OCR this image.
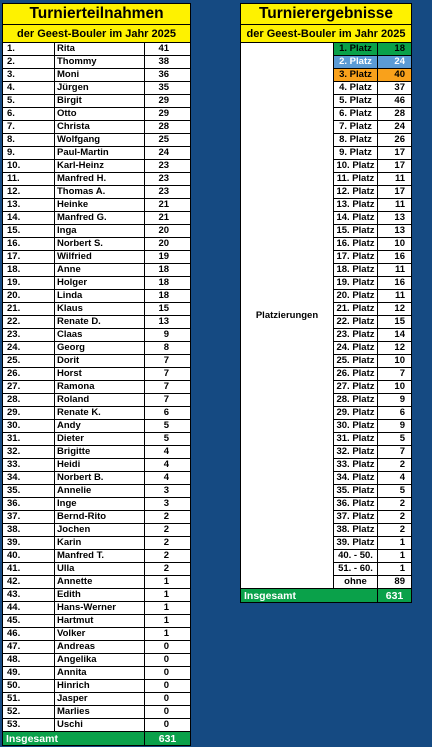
Turnierteilnahmen		
der Geest-Bouler im Jahr 2025		
1.	Rita	41
2.	Thommy	38
3.	Moni	36
4.	Jürgen	35
5.	Birgit	29
6.	Otto	29
7.	Christa	28
8.	Wolfgang	25
9.	Paul-Martin	24
10.	Karl-Heinz	23
11.	Manfred H.	23
12.	Thomas A.	23
13.	Heinke	21
14.	Manfred G.	21
15.	Inga	20
16.	Norbert S.	20
17.	Wilfried	19
18.	Anne	18
19.	Holger	18
20.	Linda	18
21.	Klaus	15
22.	Renate D.	13
23.	Claas	9
24.	Georg	8
25.	Dorit	7
26.	Horst	7
27.	Ramona	7
28.	Roland	7
29.	Renate K.	6
30.	Andy	5
31.	Dieter	5
32.	Brigitte	4
33.	Heidi	4
34.	Norbert B.	4
35.	Annelie	3
36.	Inge	3
37.	Bernd-Rito	2
38.	Jochen	2
39.	Karin	2
40.	Manfred T.	2
41.	Ulla	2
42.	Annette	1
43.	Edith	1
44.	Hans-Werner	1
45.	Hartmut	1
46.	Volker	1
47.	Andreas	0
48.	Angelika	0
49.	Annita	0
50.	Hinrich	0
51.	Jasper	0
52.	Marlies	0
53.	Uschi	0
Insgesamt		631
Turnierergebnisse		
der Geest-Bouler im Jahr 2025		
Platzierungen	1. Platz	18
	2. Platz	24
	3. Platz	40
	4. Platz	37
	5. Platz	46
	6. Platz	28
	7. Platz	24
	8. Platz	26
	9. Platz	17
	10. Platz	17
	11. Platz	11
	12. Platz	17
	13. Platz	11
	14. Platz	13
	15. Platz	13
	16. Platz	10
	17. Platz	16
	18. Platz	11
	19. Platz	16
	20. Platz	11
	21. Platz	12
	22. Platz	15
	23. Platz	14
	24. Platz	12
	25. Platz	10
	26. Platz	7
	27. Platz	10
	28. Platz	9
	29. Platz	6
	30. Platz	9
	31. Platz	5
	32. Platz	7
	33. Platz	2
	34. Platz	4
	35. Platz	5
	36. Platz	2
	37. Platz	2
	38. Platz	2
	39. Platz	1
	40. - 50.	1
	51. - 60.	1
	ohne	89
Insgesamt		631
